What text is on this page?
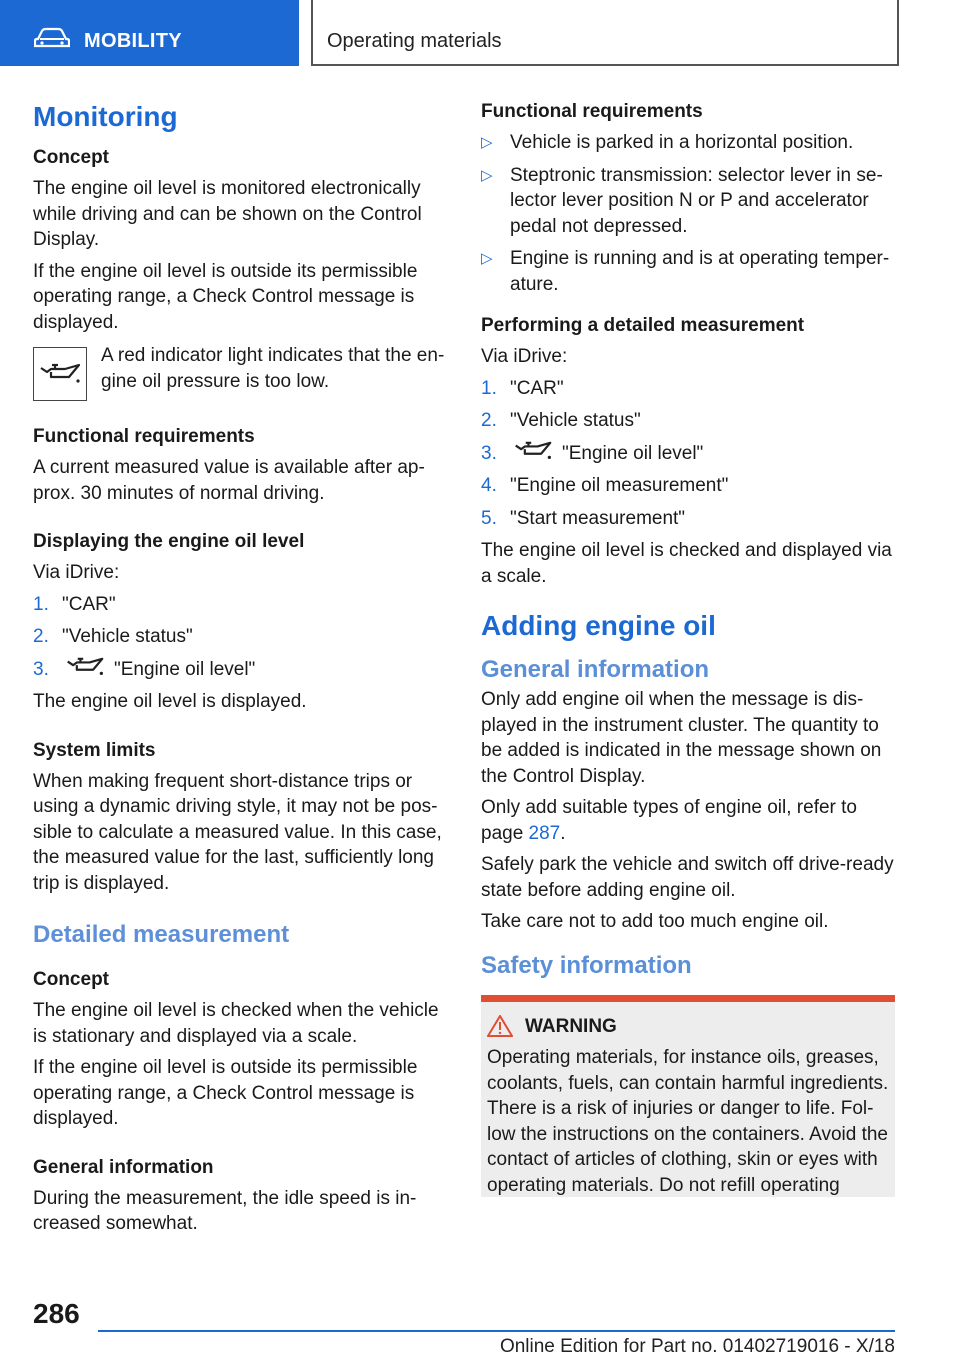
MOBILITY	Operating materials
Monitoring
Concept

The engine oil level is monitored electronically while driving and can be shown on the Control Display.

If the engine oil level is outside its permissible operating range, a Check Control message is displayed.

A red indicator light indicates that the engine oil pressure is too low.
Functional requirements

A current measured value is available after approx. 30 minutes of normal driving.

Displaying the engine oil level

Via iDrive:

1. "CAR"
2. "Vehicle status"
3.	"Engine oil level"

The engine oil level is displayed.

System limits

When making frequent short-distance trips or using a dynamic driving style, it may not be possible to calculate a measured value. In this case, the measured value for the last, sufficiently long trip is displayed.

Detailed measurement
Concept

The engine oil level is checked when the vehicle is stationary and displayed via a scale.

If the engine oil level is outside its permissible operating range, a Check Control message is displayed.

General information

During the measurement, the idle speed is increased somewhat.

Functional requirements
▷ Vehicle is parked in a horizontal position.
▷ Steptronic transmission: selector lever in selector lever position N or P and accelerator pedal not depressed.
▷ Engine is running and is at operating temperature.
Performing a detailed measurement

Via iDrive:

1. "CAR"
2. "Vehicle status"
3.	"Engine oil level"
4. "Engine oil measurement"
5. "Start measurement"

The engine oil level is checked and displayed via a scale.

Adding engine oil
General information

Only add engine oil when the message is displayed in the instrument cluster. The quantity to be added is indicated in the message shown on the Control Display.

Only add suitable types of engine oil, refer to page 287.

Safely park the vehicle and switch off drive-ready state before adding engine oil.

Take care not to add too much engine oil.

Safety information
WARNING

Operating materials, for instance oils, greases, coolants, fuels, can contain harmful ingredients. There is a risk of injuries or danger to life. Follow the instructions on the containers. Avoid the contact of articles of clothing, skin or eyes with operating materials. Do not refill operating

286
Online Edition for Part no. 01402719016 - X/18
